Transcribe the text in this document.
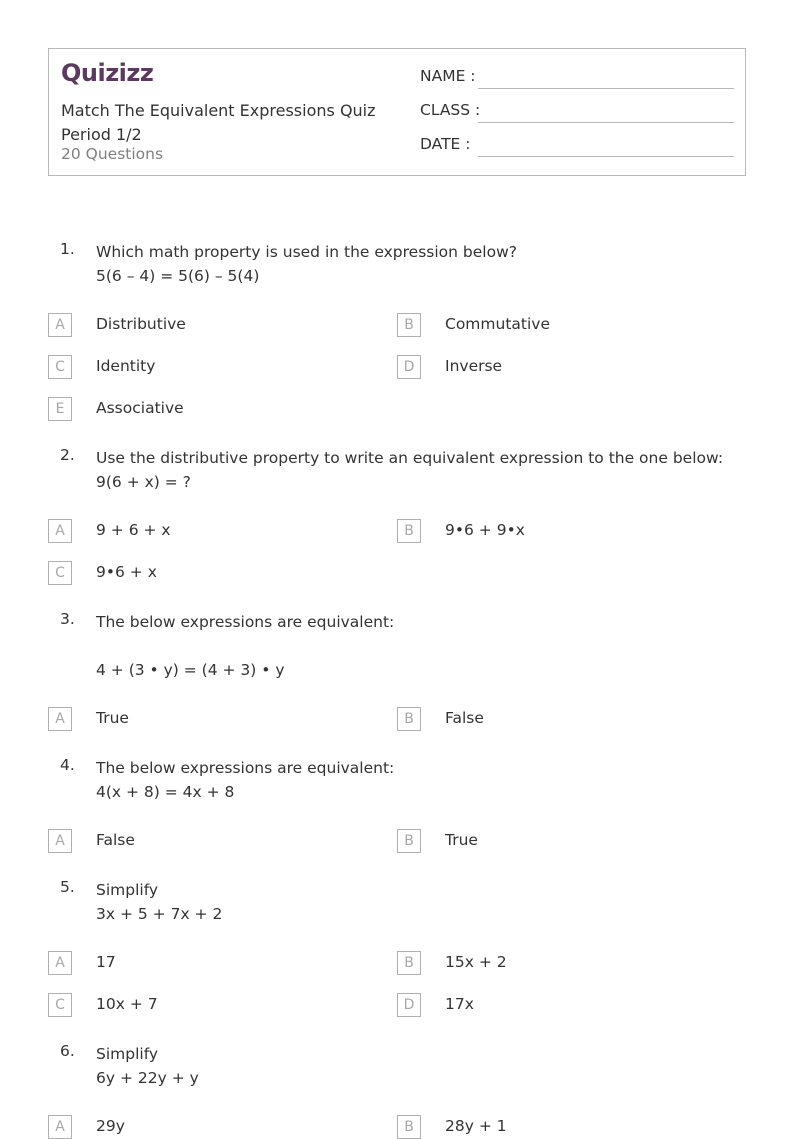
Quizizz
Match The Equivalent Expressions Quiz Period 1/2
20 Questions
NAME :
CLASS :
DATE :
1. Which math property is used in the expression below?
5(6 – 4) = 5(6) – 5(4)
A	Distributive	B	Commutative
C	Identity	D	Inverse
E	Associative
2. Use the distributive property to write an equivalent expression to the one below:
9(6 + x) = ?
A	9 + 6 + x	B	9•6 + 9•x
C	9•6 + x
3. The below expressions are equivalent:

4 + (3 • y) = (4 + 3) • y
A	True	B	False
4. The below expressions are equivalent:
4(x + 8) = 4x + 8
A	False	B	True
5. Simplify
3x + 5 + 7x + 2
A	17	B	15x + 2
C	10x + 7	D	17x
6. Simplify
6y + 22y + y
A	29y	B	28y + 1
